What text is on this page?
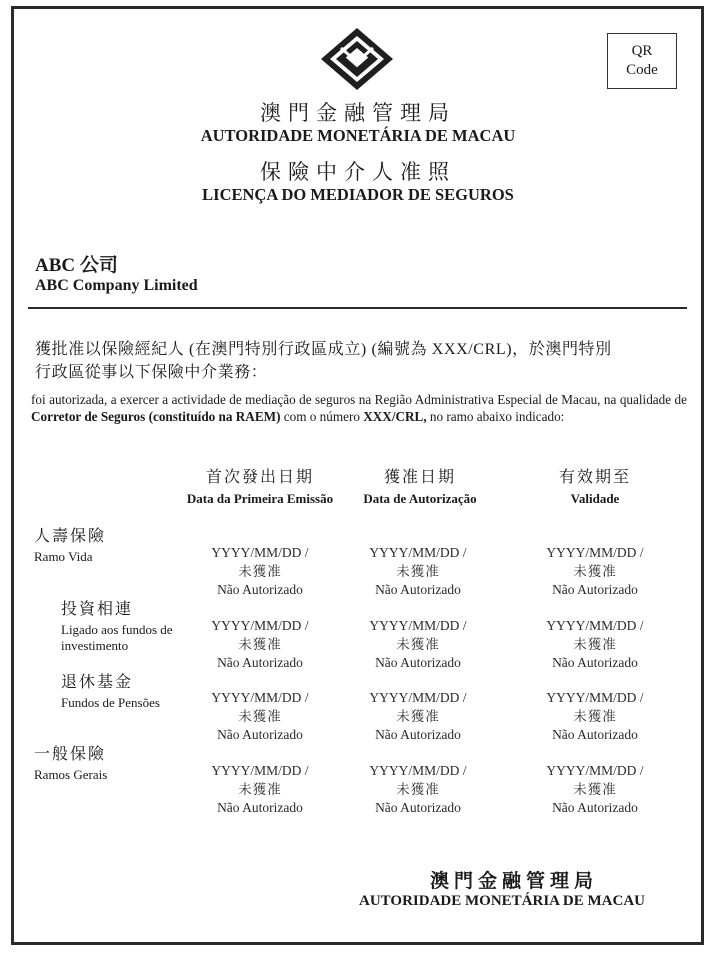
QR
Code
澳門金融管理局
AUTORIDADE MONETÁRIA DE MACAU
保險中介人准照
LICENÇA DO MEDIADOR DE SEGUROS
ABC 公司
ABC Company Limited
獲批准以保險經紀人 (在澳門特別行政區成立) (編號為 XXX/CRL)，於澳門特別
行政區從事以下保險中介業務：
foi autorizada, a exercer a actividade de mediação de seguros na Região Administrativa Especial de Macau, na qualidade de Corretor de Seguros (constituído na RAEM) com o número XXX/CRL, no ramo abaixo indicado:
首次發出日期
Data da Primeira Emissão
獲准日期
Data de Autorização
有效期至
Validade
人壽保險
Ramo Vida
投資相連
Ligado aos fundos de investimento
退休基金
Fundos de Pensões
一般保險
Ramos Gerais
YYYY/MM/DD /
未獲准
Não Autorizado
YYYY/MM/DD /
未獲准
Não Autorizado
YYYY/MM/DD /
未獲准
Não Autorizado
YYYY/MM/DD /
未獲准
Não Autorizado
YYYY/MM/DD /
未獲准
Não Autorizado
YYYY/MM/DD /
未獲准
Não Autorizado
YYYY/MM/DD /
未獲准
Não Autorizado
YYYY/MM/DD /
未獲准
Não Autorizado
YYYY/MM/DD /
未獲准
Não Autorizado
YYYY/MM/DD /
未獲准
Não Autorizado
YYYY/MM/DD /
未獲准
Não Autorizado
YYYY/MM/DD /
未獲准
Não Autorizado
澳門金融管理局
AUTORIDADE MONETÁRIA DE MACAU
